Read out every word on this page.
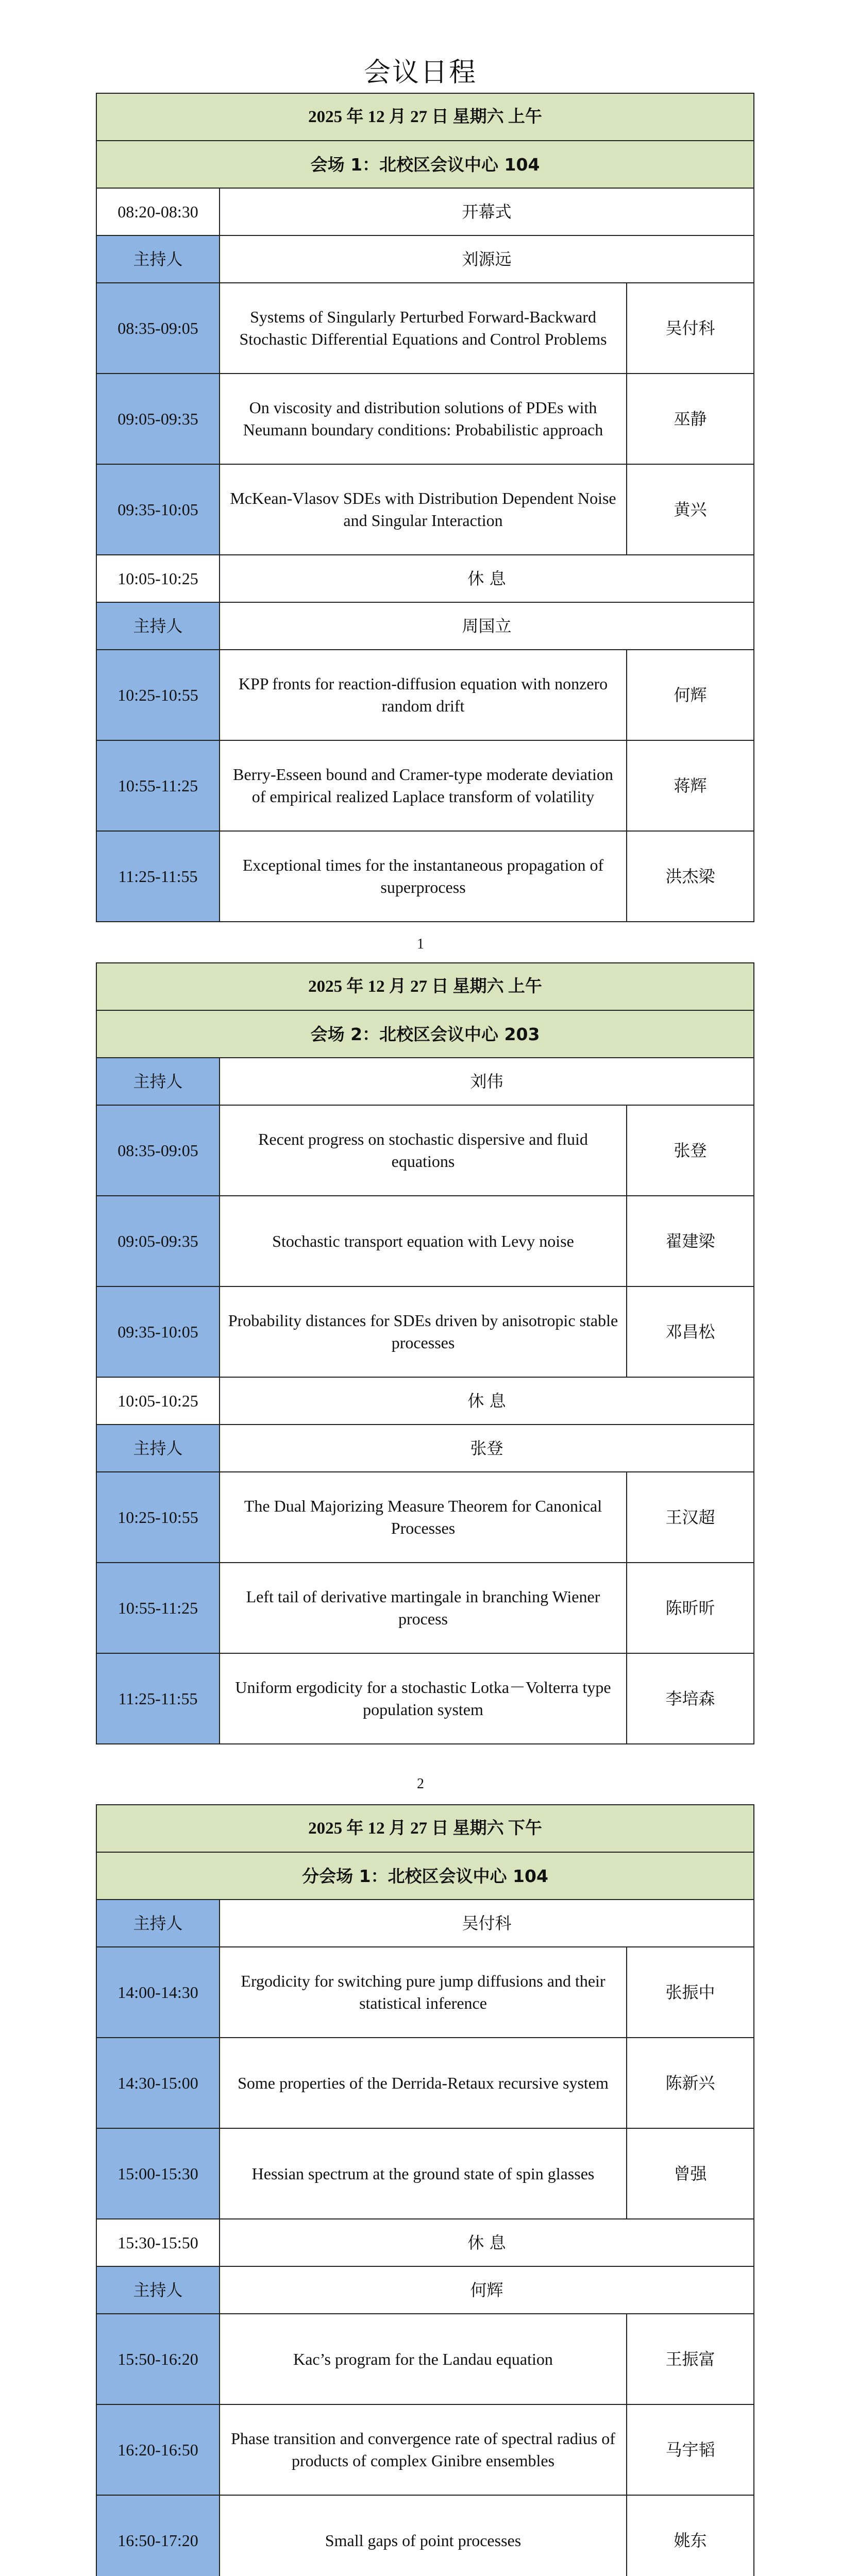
会议日程
2025 年 12 月 27 日 星期六 上午		
会场 1：北校区会议中心 104		
08:20-08:30	开幕式	
主持人	刘源远	
08:35-09:05	Systems of Singularly Perturbed Forward-Backward Stochastic Differential Equations and Control Problems	吴付科
09:05-09:35	On viscosity and distribution solutions of PDEs with Neumann boundary conditions: Probabilistic approach	巫静
09:35-10:05	McKean-Vlasov SDEs with Distribution Dependent Noise and Singular Interaction	黄兴
10:05-10:25	休 息	
主持人	周国立	
10:25-10:55	KPP fronts for reaction-diffusion equation with nonzero random drift	何辉
10:55-11:25	Berry-Esseen bound and Cramer-type moderate deviation of empirical realized Laplace transform of volatility	蒋辉
11:25-11:55	Exceptional times for the instantaneous propagation of superprocess	洪杰梁
1
2025 年 12 月 27 日 星期六 上午		
会场 2：北校区会议中心 203		
主持人	刘伟	
08:35-09:05	Recent progress on stochastic dispersive and fluid equations	张登
09:05-09:35	Stochastic transport equation with Levy noise	翟建梁
09:35-10:05	Probability distances for SDEs driven by anisotropic stable processes	邓昌松
10:05-10:25	休 息	
主持人	张登	
10:25-10:55	The Dual Majorizing Measure Theorem for Canonical Processes	王汉超
10:55-11:25	Left tail of derivative martingale in branching Wiener process	陈昕昕
11:25-11:55	Uniform ergodicity for a stochastic Lotka－Volterra type population system	李培森
2
2025 年 12 月 27 日 星期六 下午		
分会场 1：北校区会议中心 104		
主持人	吴付科	
14:00-14:30	Ergodicity for switching pure jump diffusions and their statistical inference	张振中
14:30-15:00	Some properties of the Derrida-Retaux recursive system	陈新兴
15:00-15:30	Hessian spectrum at the ground state of spin glasses	曾强
15:30-15:50	休 息	
主持人	何辉	
15:50-16:20	Kac’s program for the Landau equation	王振富
16:20-16:50	Phase transition and convergence rate of spectral radius of products of complex Ginibre ensembles	马宇韬
16:50-17:20	Small gaps of point processes	姚东
